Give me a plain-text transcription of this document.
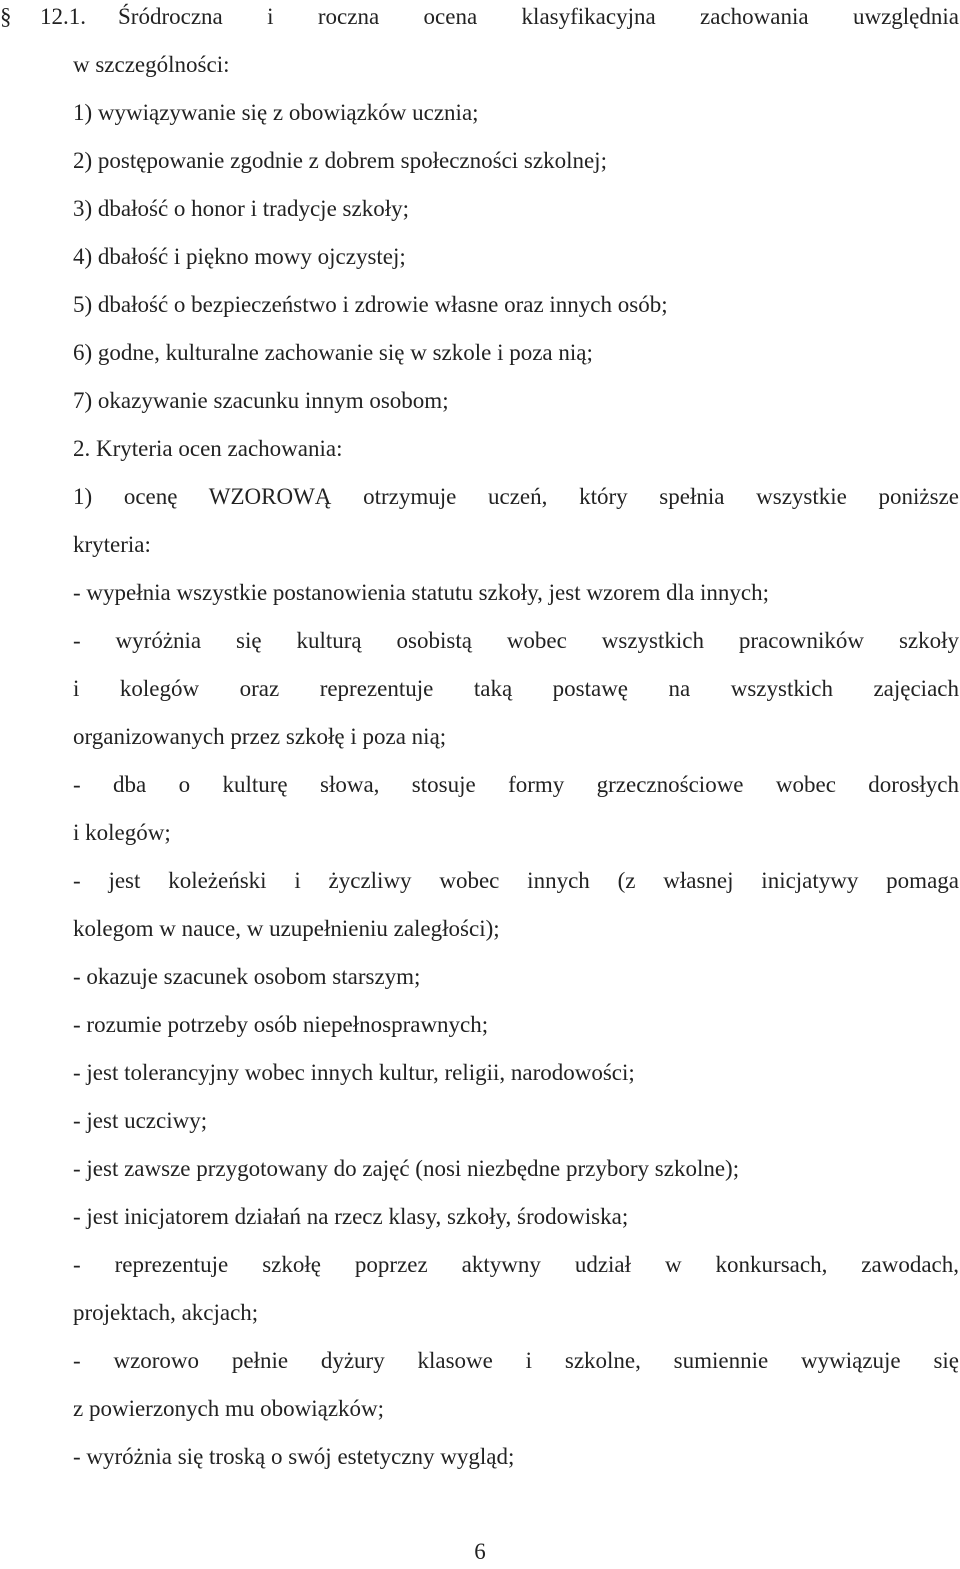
§ 12.1. Śródroczna i roczna ocena klasyfikacyjna zachowania uwzględnia
w szczególności:
1) wywiązywanie się z obowiązków ucznia;
2) postępowanie zgodnie z dobrem społeczności szkolnej;
3) dbałość o honor i tradycje szkoły;
4) dbałość i piękno mowy ojczystej;
5) dbałość o bezpieczeństwo i zdrowie własne oraz innych osób;
6) godne, kulturalne zachowanie się w szkole i poza nią;
7) okazywanie szacunku innym osobom;
2. Kryteria ocen zachowania:
1) ocenę WZOROWĄ otrzymuje uczeń, który spełnia wszystkie poniższe
kryteria:
- wypełnia wszystkie postanowienia statutu szkoły, jest wzorem dla innych;
- wyróżnia się kulturą osobistą wobec wszystkich pracowników szkoły
i kolegów oraz reprezentuje taką postawę na wszystkich zajęciach
organizowanych przez szkołę i poza nią;
- dba o kulturę słowa, stosuje formy grzecznościowe wobec dorosłych
i kolegów;
- jest koleżeński i życzliwy wobec innych (z własnej inicjatywy pomaga
kolegom w nauce, w uzupełnieniu zaległości);
- okazuje szacunek osobom starszym;
- rozumie potrzeby osób niepełnosprawnych;
- jest tolerancyjny wobec innych kultur, religii, narodowości;
- jest uczciwy;
- jest zawsze przygotowany do zajęć (nosi niezbędne przybory szkolne);
- jest inicjatorem działań na rzecz klasy, szkoły, środowiska;
- reprezentuje szkołę poprzez aktywny udział w konkursach, zawodach,
projektach, akcjach;
- wzorowo pełnie dyżury klasowe i szkolne, sumiennie wywiązuje się
z powierzonych mu obowiązków;
- wyróżnia się troską o swój estetyczny wygląd;
6
